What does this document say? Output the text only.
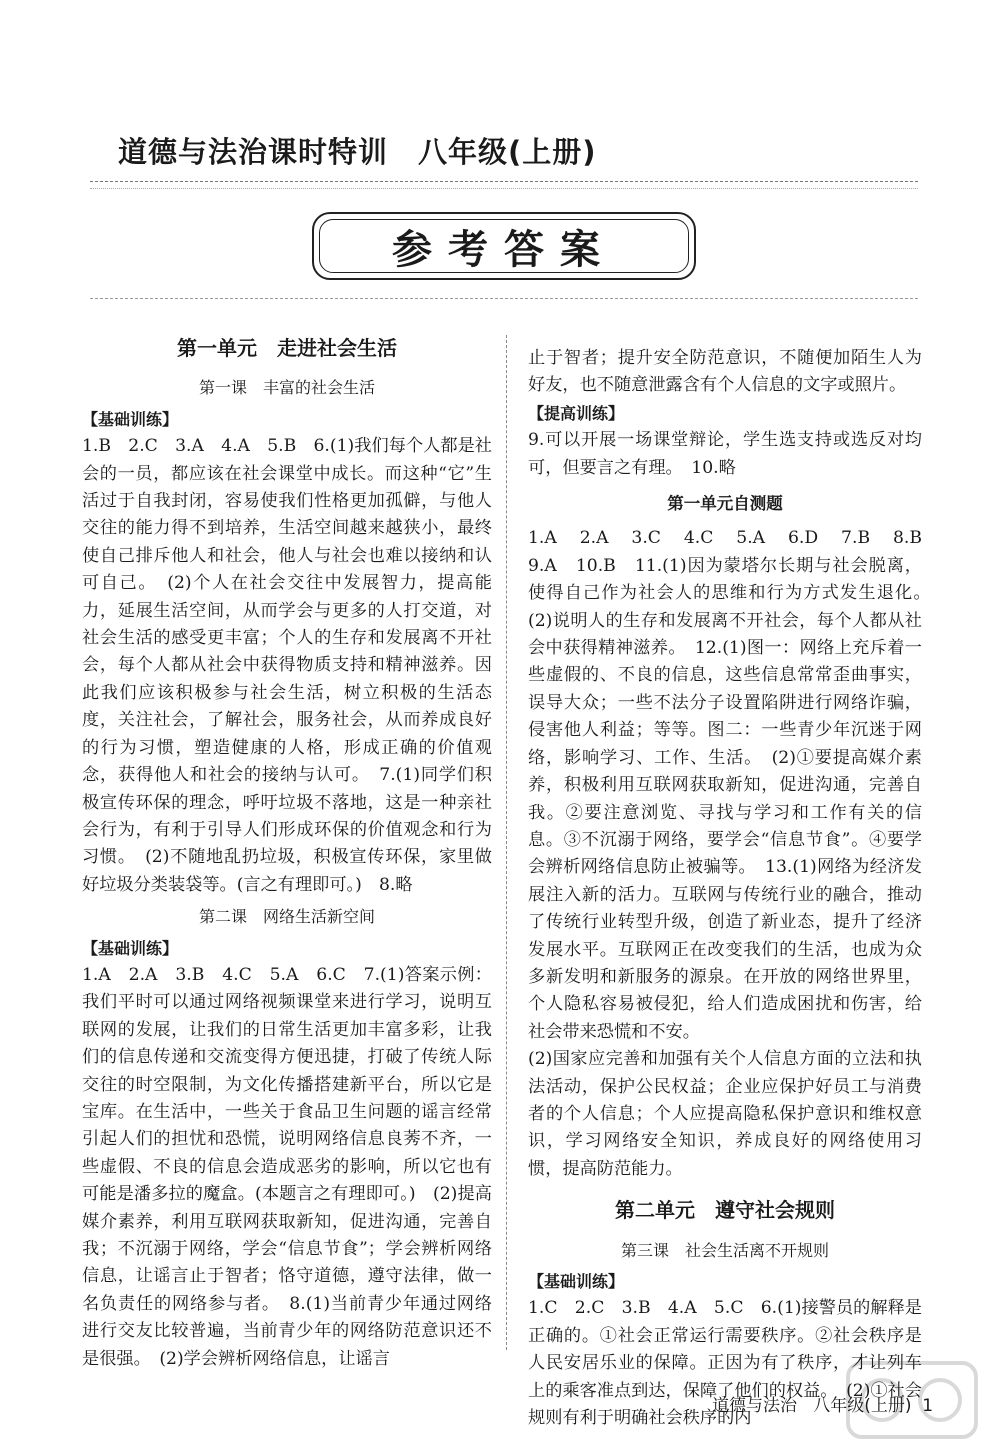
道德与法治课时特训　八年级(上册)
参考答案
第一单元　走进社会生活
第一课　丰富的社会生活
【基础训练】

1.B　2.C　3.A　4.A　5.B　6.(1)我们每个人都是社会的一员，都应该在社会课堂中成长。而这种“它”生活过于自我封闭，容易使我们性格更加孤僻，与他人交往的能力得不到培养，生活空间越来越狭小，最终使自己排斥他人和社会，他人与社会也难以接纳和认可自己。　(2)个人在社会交往中发展智力，提高能力，延展生活空间，从而学会与更多的人打交道，对社会生活的感受更丰富；个人的生存和发展离不开社会，每个人都从社会中获得物质支持和精神滋养。因此我们应该积极参与社会生活，树立积极的生活态度，关注社会，了解社会，服务社会，从而养成良好的行为习惯，塑造健康的人格，形成正确的价值观念，获得他人和社会的接纳与认可。　7.(1)同学们积极宣传环保的理念，呼吁垃圾不落地，这是一种亲社会行为，有利于引导人们形成环保的价值观念和行为习惯。　(2)不随地乱扔垃圾，积极宣传环保，家里做好垃圾分类装袋等。(言之有理即可。)　8.略

第二课　网络生活新空间
【基础训练】

1.A　2.A　3.B　4.C　5.A　6.C　7.(1)答案示例：我们平时可以通过网络视频课堂来进行学习，说明互联网的发展，让我们的日常生活更加丰富多彩，让我们的信息传递和交流变得方便迅捷，打破了传统人际交往的时空限制，为文化传播搭建新平台，所以它是宝库。在生活中，一些关于食品卫生问题的谣言经常引起人们的担忧和恐慌，说明网络信息良莠不齐，一些虚假、不良的信息会造成恶劣的影响，所以它也有可能是潘多拉的魔盒。(本题言之有理即可。)　(2)提高媒介素养，利用互联网获取新知，促进沟通，完善自我；不沉溺于网络，学会“信息节食”；学会辨析网络信息，让谣言止于智者；恪守道德，遵守法律，做一名负责任的网络参与者。　8.(1)当前青少年通过网络进行交友比较普遍，当前青少年的网络防范意识还不是很强。　(2)学会辨析网络信息，让谣言

止于智者；提升安全防范意识，不随便加陌生人为好友，也不随意泄露含有个人信息的文字或照片。

【提高训练】

9.可以开展一场课堂辩论，学生选支持或选反对均可，但要言之有理。　10.略

第一单元自测题

1.A　2.A　3.C　4.C　5.A　6.D　7.B　8.B　9.A　10.B　11.(1)因为蒙塔尔长期与社会脱离，使得自己作为社会人的思维和行为方式发生退化。　(2)说明人的生存和发展离不开社会，每个人都从社会中获得精神滋养。　12.(1)图一：网络上充斥着一些虚假的、不良的信息，这些信息常常歪曲事实，误导大众；一些不法分子设置陷阱进行网络诈骗，侵害他人利益；等等。图二：一些青少年沉迷于网络，影响学习、工作、生活。　(2)①要提高媒介素养，积极利用互联网获取新知，促进沟通，完善自我。②要注意浏览、寻找与学习和工作有关的信息。③不沉溺于网络，要学会“信息节食”。④要学会辨析网络信息防止被骗等。　13.(1)网络为经济发展注入新的活力。互联网与传统行业的融合，推动了传统行业转型升级，创造了新业态，提升了经济发展水平。互联网正在改变我们的生活，也成为众多新发明和新服务的源泉。在开放的网络世界里，个人隐私容易被侵犯，给人们造成困扰和伤害，给社会带来恐慌和不安。

(2)国家应完善和加强有关个人信息方面的立法和执法活动，保护公民权益；企业应保护好员工与消费者的个人信息；个人应提高隐私保护意识和维权意识，学习网络安全知识，养成良好的网络使用习惯，提高防范能力。

第二单元　遵守社会规则
第三课　社会生活离不开规则
【基础训练】

1.C　2.C　3.B　4.A　5.C　6.(1)接警员的解释是正确的。①社会正常运行需要秩序。②社会秩序是人民安居乐业的保障。正因为有了秩序，才让列车上的乘客准点到达，保障了他们的权益。　(2)①社会规则有利于明确社会秩序的内

道德与法治 八年级(上册) 1
